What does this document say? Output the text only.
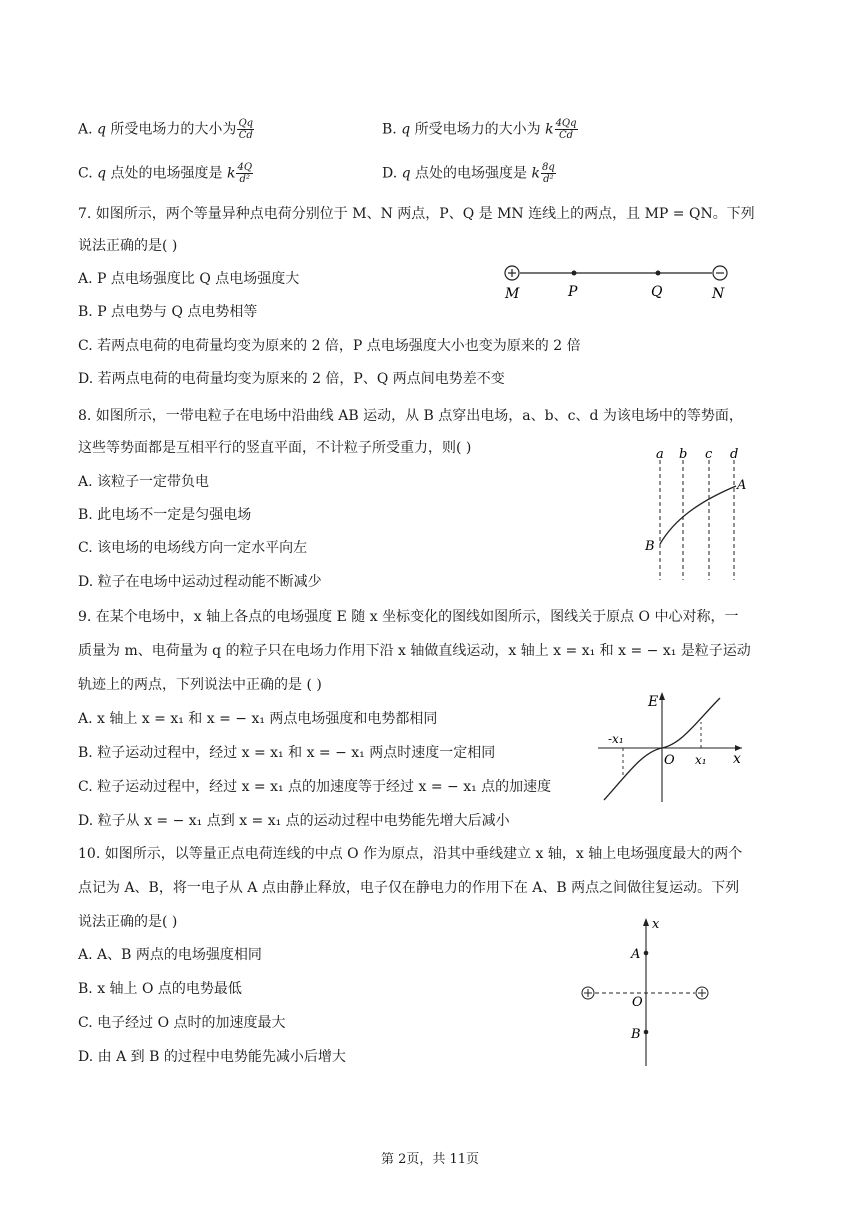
A. q 所受电场力的大小为 $\frac{Qq}{Cd}$	B. q 所受电场力的大小为 k $\frac{4Qq}{Cd}$
C. q 点处的电场强度是 k $\frac{4Q}{\text{d²}}$	D. q 点处的电场强度是 k $\frac{8q}{\text{d²}}$
7. 如图所示，两个等量异种点电荷分别位于 M、N 两点，P、Q 是 MN 连线上的两点，且 MP = QN。下列
说法正确的是( )
A. P 点电场强度比 Q 点电场强度大
B. P 点电势与 Q 点电势相等
C. 若两点电荷的电荷量均变为原来的 2 倍，P 点电场强度大小也变为原来的 2 倍
D. 若两点电荷的电荷量均变为原来的 2 倍，P、Q 两点间电势差不变
M	P	Q	N
8. 如图所示，一带电粒子在电场中沿曲线 AB 运动，从 B 点穿出电场，a、b、c、d 为该电场中的等势面，
这些等势面都是互相平行的竖直平面，不计粒子所受重力，则( )
A. 该粒子一定带负电
B. 此电场不一定是匀强电场
C. 该电场的电场线方向一定水平向左
D. 粒子在电场中运动过程动能不断减少
a b c d
A
B
9. 在某个电场中，x 轴上各点的电场强度 E 随 x 坐标变化的图线如图所示，图线关于原点 O 中心对称，一
质量为 m、电荷量为 q 的粒子只在电场力作用下沿 x 轴做直线运动，x 轴上 x = x₁ 和 x = − x₁ 是粒子运动
轨迹上的两点，下列说法中正确的是 ( )
A. x 轴上 x = x₁ 和 x = − x₁ 两点电场强度和电势都相同
B. 粒子运动过程中，经过 x = x₁ 和 x = − x₁ 两点时速度一定相同
C. 粒子运动过程中，经过 x = x₁ 点的加速度等于经过 x = − x₁ 点的加速度
D. 粒子从 x = − x₁ 点到 x = x₁ 点的运动过程中电势能先增大后减小
E
x
O
-x₁
x₁
10. 如图所示，以等量正点电荷连线的中点 O 作为原点，沿其中垂线建立 x 轴，x 轴上电场强度最大的两个
点记为 A、B，将一电子从 A 点由静止释放，电子仅在静电力的作用下在 A、B 两点之间做往复运动。下列
说法正确的是( )
A. A、B 两点的电场强度相同
B. x 轴上 O 点的电势最低
C. 电子经过 O 点时的加速度最大
D. 由 A 到 B 的过程中电势能先减小后增大
x
A
O
B
第 2页，共 11页
